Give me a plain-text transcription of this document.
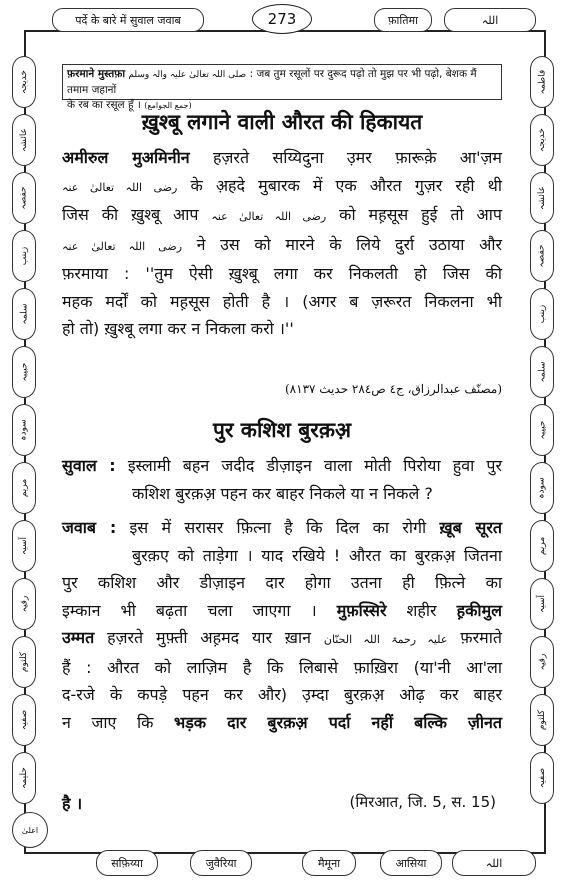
पर्दे के बारे में सुवाल जवाब	273	फ़ातिमा	اللہ
خدیجہ
عائشہ
حفصہ
زینب
سلمہ
حبیبہ
سودہ
مریم
آسیہ
رقیہ
کلثوم
صفیہ
حلیمہ
فاطمہ
خدیجہ
عائشہ
حفصہ
زینب
سلمہ
حبیبہ
سودہ
مریم
آسیہ
رقیہ
کلثوم
صفیہ
फ़रमाने मुस्तफ़ा صلی اللہ تعالیٰ علیہ والہ وسلم : जब तुम रसूलों पर दुरूद पढ़ो तो मुझ पर भी पढ़ो, बेशक मैं तमाम जहानों
के रब का रसूल हूँ । (جمع الجوامع)
ख़ुश्बू लगाने वाली औरत की हिकायत
अमीरुल मुअमिनीन हज़रते सय्यिदुना उ़मर फ़ारूके़ आ'ज़म
رضی اللہ تعالیٰ عنہ के अ़हदे मुबारक में एक औरत गुज़र रही थी
जिस की ख़ुश्बू आप رضی اللہ تعالیٰ عنہ को मह़सूस हुई तो आप
رضی اللہ تعالیٰ عنہ ने उस को मारने के लिये दुर्रा उठाया और
फ़रमाया : ''तुम ऐसी ख़ुश्बू लगा कर निकलती हो जिस की
महक मर्दों को मह़सूस होती है । (अगर ब ज़रूरत निकलना भी
हो तो) ख़ुश्बू लगा कर न निकला करो ।''
(مصنّف عبدالرزاق، ج٤ ص٢٨٤ حدیث ٨١٣٧)
पुर कशिश बुरक़अ़
सुवाल : इस्लामी बहन जदीद डीज़ाइन वाला मोती पिरोया हुवा पुर
कशिश बुरक़अ़ पहन कर बाहर निकले या न निकले ?
जवाब : इस में सरासर फ़ित्ना है कि दिल का रोगी ख़ूब सूरत
बुरक़ए को ताड़ेगा । याद रखिये ! औरत का बुरक़अ़ जितना
पुर कशिश और डीज़ाइन दार होगा उतना ही फ़ित्ने का
इम्कान भी बढ़ता चला जाएगा । मुफ़स्सिरे शहीर ह़कीमुल
उम्मत हज़रते मुफ़्ती अह़मद यार ख़ान علیہ رحمۃ اللہ الحنّان फ़रमाते
हैं : औरत को लाज़िम है कि लिबासे फ़ाख़िरा (या'नी आ'ला
द-रजे के कपड़े पहन कर और) उ़म्दा बुरक़अ़ ओढ़ कर बाहर
न जाए कि भड़क दार बुरक़अ़ पर्दा नहीं बल्कि ज़ीनत
है ।	(मिरआत, जि. 5, स. 15)
اعلیٰ
सफ़िय्या	जुवैरिया	मैमूना	आसिया	اللہ
